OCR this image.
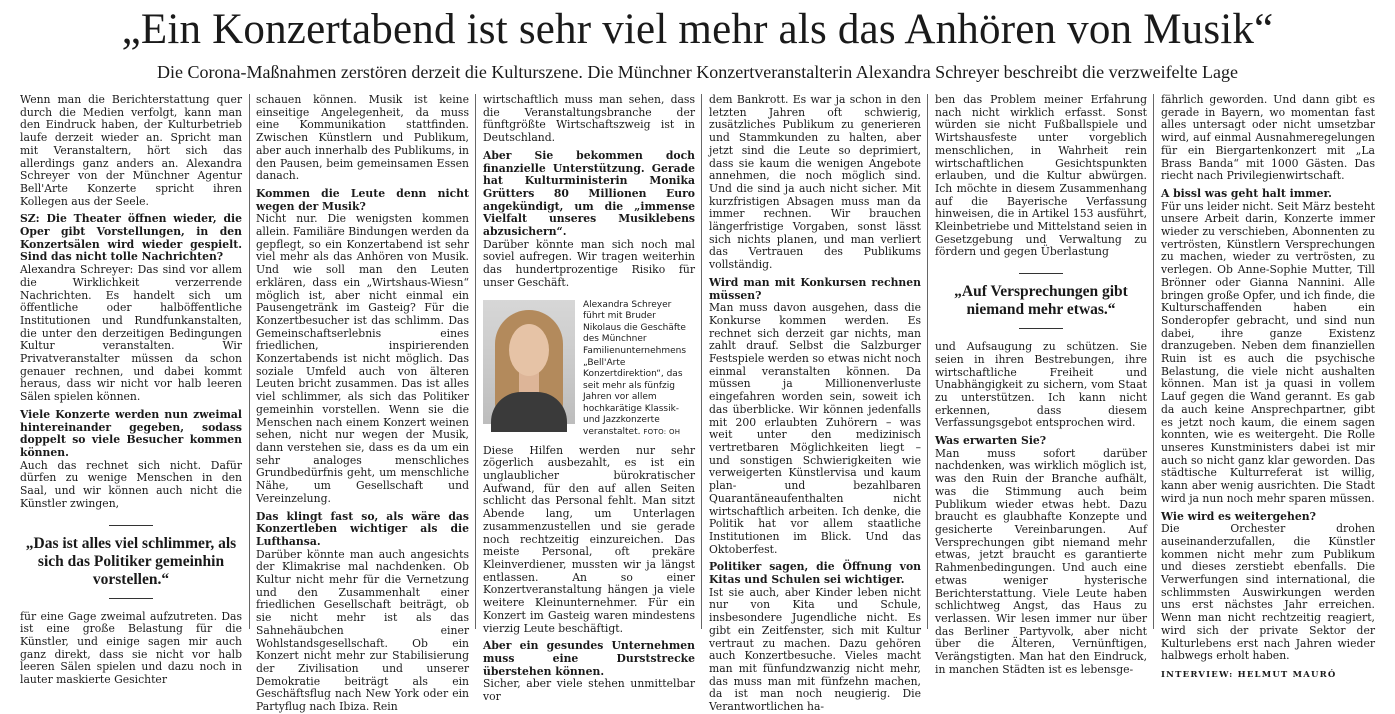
„Ein Konzertabend ist sehr viel mehr als das Anhören von Musik“
Die Corona-Maßnahmen zerstören derzeit die Kulturszene. Die Münchner Konzertveranstalterin Alexandra Schreyer beschreibt die verzweifelte Lage

Wenn man die Berichterstattung quer durch die Medien verfolgt, kann man den Eindruck haben, der Kulturbetrieb laufe derzeit wieder an. Spricht man mit Veranstaltern, hört sich das allerdings ganz anders an. Alexandra Schreyer von der Münchner Agentur Bell'Arte Konzerte spricht ihren Kollegen aus der Seele.

SZ: Die Theater öffnen wieder, die Oper gibt Vorstellungen, in den Konzertsälen wird wieder gespielt. Sind das nicht tolle Nachrichten?

Alexandra Schreyer: Das sind vor allem die Wirklichkeit verzerrende Nachrichten. Es handelt sich um öffentliche oder halböffentliche Institutionen und Rundfunkanstalten, die unter den derzeitigen Bedingungen Kultur veranstalten. Wir Privatveranstalter müssen da schon genauer rechnen, und dabei kommt heraus, dass wir nicht vor halb leeren Sälen spielen können.

Viele Konzerte werden nun zweimal hintereinander gegeben, sodass doppelt so viele Besucher kommen können.

Auch das rechnet sich nicht. Dafür dürfen zu wenige Menschen in den Saal, und wir können auch nicht die Künstler zwingen,

„Das ist alles viel schlimmer, als sich das Politiker gemeinhin vorstellen.“

für eine Gage zweimal aufzutreten. Das ist eine große Belastung für die Künstler, und einige sagen mir auch ganz direkt, dass sie nicht vor halb leeren Sälen spielen und dazu noch in lauter maskierte Gesichter

schauen können. Musik ist keine einseitige Angelegenheit, da muss eine Kommunikation stattfinden. Zwischen Künstlern und Publikum, aber auch innerhalb des Publikums, in den Pausen, beim gemeinsamen Essen danach.

Kommen die Leute denn nicht wegen der Musik?

Nicht nur. Die wenigsten kommen allein. Familiäre Bindungen werden da gepflegt, so ein Konzertabend ist sehr viel mehr als das Anhören von Musik. Und wie soll man den Leuten erklären, dass ein „Wirtshaus-Wiesn“ möglich ist, aber nicht einmal ein Pausengetränk im Gasteig? Für die Konzertbesucher ist das schlimm. Das Gemeinschaftserlebnis eines friedlichen, inspirierenden Konzertabends ist nicht möglich. Das soziale Umfeld auch von älteren Leuten bricht zusammen. Das ist alles viel schlimmer, als sich das Politiker gemeinhin vorstellen. Wenn sie die Menschen nach einem Konzert weinen sehen, nicht nur wegen der Musik, dann verstehen sie, dass es da um ein sehr analoges menschliches Grundbedürfnis geht, um menschliche Nähe, um Gesellschaft und Vereinzelung.

Das klingt fast so, als wäre das Konzertleben wichtiger als die Lufthansa.

Darüber könnte man auch angesichts der Klimakrise mal nachdenken. Ob Kultur nicht mehr für die Vernetzung und den Zusammenhalt einer friedlichen Gesellschaft beiträgt, ob sie nicht mehr ist als das Sahnehäubchen einer Wohlstandsgesellschaft. Ob ein Konzert nicht mehr zur Stabilisierung der Zivilisation und unserer Demokratie beiträgt als ein Geschäftsflug nach New York oder ein Partyflug nach Ibiza. Rein

wirtschaftlich muss man sehen, dass die Veranstaltungsbranche der fünftgrößte Wirtschaftszweig ist in Deutschland.

Aber Sie bekommen doch finanzielle Unterstützung. Gerade hat Kulturministerin Monika Grütters 80 Millionen Euro angekündigt, um die „immense Vielfalt unseres Musiklebens abzusichern“.

Darüber könnte man sich noch mal soviel aufregen. Wir tragen weiterhin das hundertprozentige Risiko für unser Geschäft.

Alexandra Schreyer führt mit Bruder Nikolaus die Geschäfte des Münchner Familienunternehmens „Bell'Arte Konzertdirektion“, das seit mehr als fünfzig Jahren vor allem hochkarätige Klassik- und Jazzkonzerte veranstaltet. FOTO: OH

Diese Hilfen werden nur sehr zögerlich ausbezahlt, es ist ein unglaublicher bürokratischer Aufwand, für den auf allen Seiten schlicht das Personal fehlt. Man sitzt Abende lang, um Unterlagen zusammenzustellen und sie gerade noch rechtzeitig einzureichen. Das meiste Personal, oft prekäre Kleinverdiener, mussten wir ja längst entlassen. An so einer Konzertveranstaltung hängen ja viele weitere Kleinunternehmer. Für ein Konzert im Gasteig waren mindestens vierzig Leute beschäftigt.

Aber ein gesundes Unternehmen muss eine Durststrecke überstehen können.

Sicher, aber viele stehen unmittelbar vor

dem Bankrott. Es war ja schon in den letzten Jahren oft schwierig, zusätzliches Publikum zu generieren und Stammkunden zu halten, aber jetzt sind die Leute so deprimiert, dass sie kaum die wenigen Angebote annehmen, die noch möglich sind. Und die sind ja auch nicht sicher. Mit kurzfristigen Absagen muss man da immer rechnen. Wir brauchen längerfristige Vorgaben, sonst lässt sich nichts planen, und man verliert das Vertrauen des Publikums vollständig.

Wird man mit Konkursen rechnen müssen?

Man muss davon ausgehen, dass die Konkurse kommen werden. Es rechnet sich derzeit gar nichts, man zahlt drauf. Selbst die Salzburger Festspiele werden so etwas nicht noch einmal veranstalten können. Da müssen ja Millionenverluste eingefahren worden sein, soweit ich das überblicke. Wir können jedenfalls mit 200 erlaubten Zuhörern – was weit unter den medizinisch vertretbaren Möglichkeiten liegt – und sonstigen Schwierigkeiten wie verweigerten Künstlervisa und kaum plan- und bezahlbaren Quarantäneaufenthalten nicht wirtschaftlich arbeiten. Ich denke, die Politik hat vor allem staatliche Institutionen im Blick. Und das Oktoberfest.

Politiker sagen, die Öffnung von Kitas und Schulen sei wichtiger.

Ist sie auch, aber Kinder leben nicht nur von Kita und Schule, insbesondere Jugendliche nicht. Es gibt ein Zeitfenster, sich mit Kultur vertraut zu machen. Dazu gehören auch Konzertbesuche. Vieles macht man mit fünfundzwanzig nicht mehr, das muss man mit fünfzehn machen, da ist man noch neugierig. Die Verantwortlichen ha-

ben das Problem meiner Erfahrung nach nicht wirklich erfasst. Sonst würden sie nicht Fußballspiele und Wirtshausfeste unter vorgeblich menschlichen, in Wahrheit rein wirtschaftlichen Gesichtspunkten erlauben, und die Kultur abwürgen. Ich möchte in diesem Zusammenhang auf die Bayerische Verfassung hinweisen, die in Artikel 153 ausführt, Kleinbetriebe und Mittelstand seien in Gesetzgebung und Verwaltung zu fördern und gegen Überlastung

„Auf Versprechungen gibt niemand mehr etwas.“

und Aufsaugung zu schützen. Sie seien in ihren Bestrebungen, ihre wirtschaftliche Freiheit und Unabhängigkeit zu sichern, vom Staat zu unterstützen. Ich kann nicht erkennen, dass diesem Verfassungsgebot entsprochen wird.

Was erwarten Sie?

Man muss sofort darüber nachdenken, was wirklich möglich ist, was den Ruin der Branche aufhält, was die Stimmung auch beim Publikum wieder etwas hebt. Dazu braucht es glaubhafte Konzepte und gesicherte Vereinbarungen. Auf Versprechungen gibt niemand mehr etwas, jetzt braucht es garantierte Rahmenbedingungen. Und auch eine etwas weniger hysterische Berichterstattung. Viele Leute haben schlichtweg Angst, das Haus zu verlassen. Wir lesen immer nur über das Berliner Partyvolk, aber nicht über die Älteren, Vernünftigen, Verängstigten. Man hat den Eindruck, in manchen Städten ist es lebensge-

fährlich geworden. Und dann gibt es gerade in Bayern, wo momentan fast alles untersagt oder nicht umsetzbar wird, auf einmal Ausnahmeregelungen für ein Biergartenkonzert mit „La Brass Banda“ mit 1000 Gästen. Das riecht nach Privilegienwirtschaft.

A bissl was geht halt immer.

Für uns leider nicht. Seit März besteht unsere Arbeit darin, Konzerte immer wieder zu verschieben, Abonnenten zu vertrösten, Künstlern Versprechungen zu machen, wieder zu vertrösten, zu verlegen. Ob Anne-Sophie Mutter, Till Brönner oder Gianna Nannini. Alle bringen große Opfer, und ich finde, die Kulturschaffenden haben ein Sonderopfer gebracht, und sind nun dabei, ihre ganze Existenz dranzugeben. Neben dem finanziellen Ruin ist es auch die psychische Belastung, die viele nicht aushalten können. Man ist ja quasi in vollem Lauf gegen die Wand gerannt. Es gab da auch keine Ansprechpartner, gibt es jetzt noch kaum, die einem sagen konnten, wie es weitergeht. Die Rolle unseres Kunstministers dabei ist mir auch so nicht ganz klar geworden. Das städtische Kulturreferat ist willig, kann aber wenig ausrichten. Die Stadt wird ja nun noch mehr sparen müssen.

Wie wird es weitergehen?

Die Orchester drohen auseinanderzufallen, die Künstler kommen nicht mehr zum Publikum und dieses zerstiebt ebenfalls. Die Verwerfungen sind international, die schlimmsten Auswirkungen werden uns erst nächstes Jahr erreichen. Wenn man nicht rechtzeitig reagiert, wird sich der private Sektor der Kulturlebens erst nach Jahren wieder halbwegs erholt haben.

INTERVIEW: HELMUT MAURÓ
